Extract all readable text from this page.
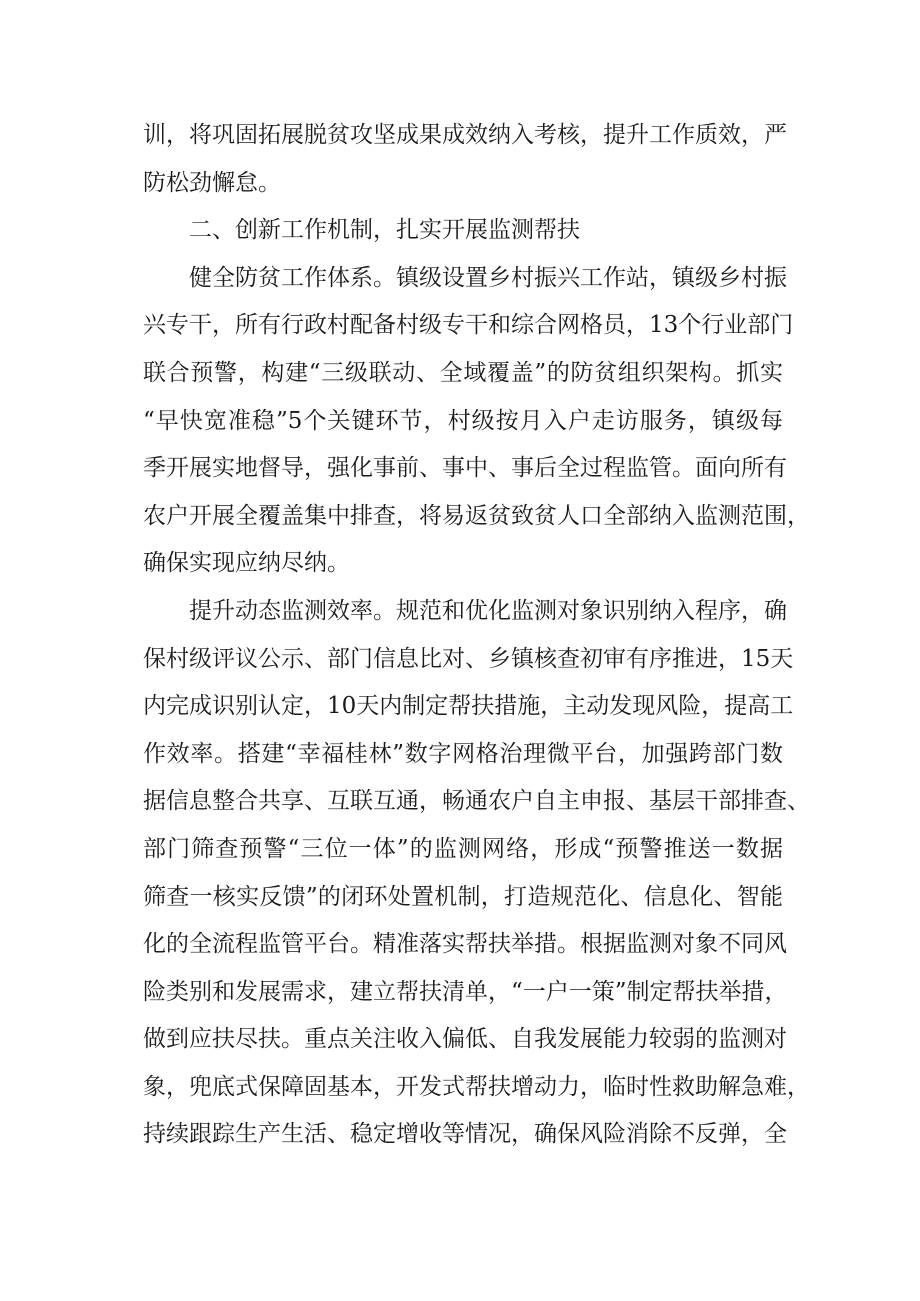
训，将巩固拓展脱贫攻坚成果成效纳入考核，提升工作质效，严
防松劲懈怠。
二、创新工作机制，扎实开展监测帮扶
健全防贫工作体系。镇级设置乡村振兴工作站，镇级乡村振
兴专干，所有行政村配备村级专干和综合网格员，13个行业部门
联合预警，构建“三级联动、全域覆盖”的防贫组织架构。抓实
“早快宽准稳”5个关键环节，村级按月入户走访服务，镇级每
季开展实地督导，强化事前、事中、事后全过程监管。面向所有
农户开展全覆盖集中排查，将易返贫致贫人口全部纳入监测范围，
确保实现应纳尽纳。
提升动态监测效率。规范和优化监测对象识别纳入程序，确
保村级评议公示、部门信息比对、乡镇核查初审有序推进，15天
内完成识别认定，10天内制定帮扶措施，主动发现风险，提高工
作效率。搭建“幸福桂林”数字网格治理微平台，加强跨部门数
据信息整合共享、互联互通，畅通农户自主申报、基层干部排查、
部门筛查预警“三位一体”的监测网络，形成“预警推送一数据
筛查一核实反馈”的闭环处置机制，打造规范化、信息化、智能
化的全流程监管平台。精准落实帮扶举措。根据监测对象不同风
险类别和发展需求，建立帮扶清单，“一户一策”制定帮扶举措，
做到应扶尽扶。重点关注收入偏低、自我发展能力较弱的监测对
象，兜底式保障固基本，开发式帮扶增动力，临时性救助解急难，
持续跟踪生产生活、稳定增收等情况，确保风险消除不反弹，全
